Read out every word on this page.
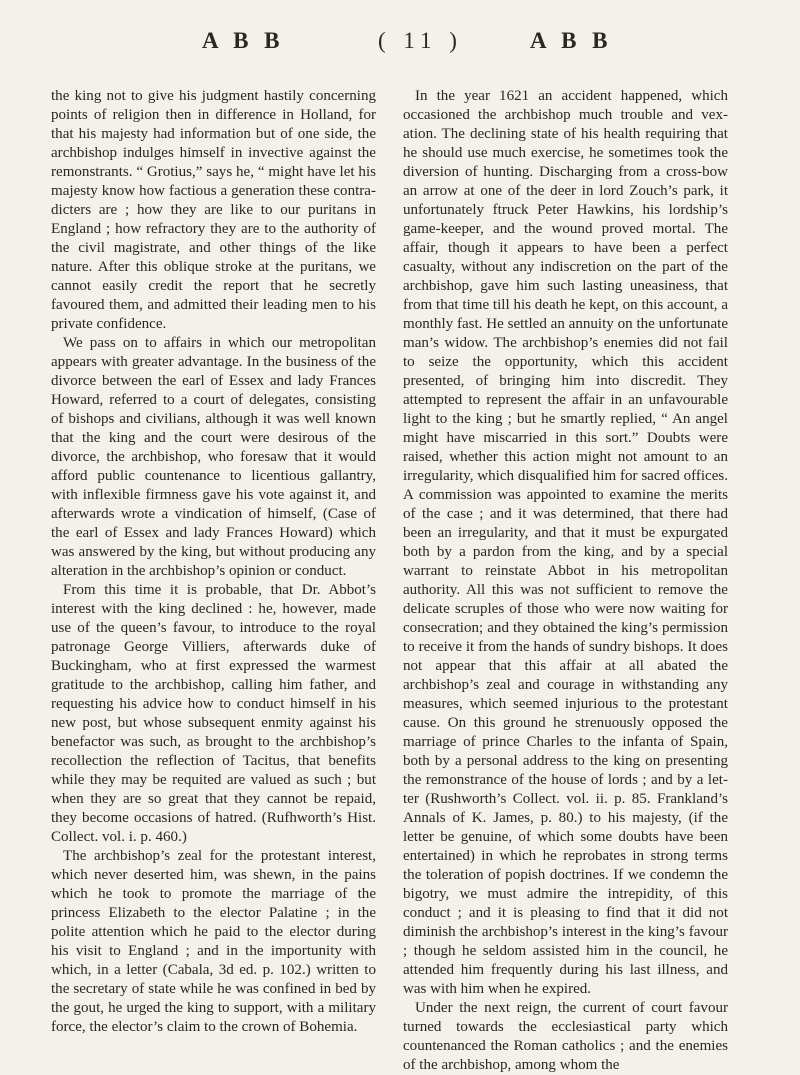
A B B	( 11 )	A B B

the king not to give his judgment hastily concerning points of religion then in difference in Holland, for that his majesty had information but of one side, the archbishop indulges himself in invective against the remonstrants. “ Grotius,” says he, “ might have let his majesty know how factious a generation these contradicters are ; how they are like to our puritans in England ; how refractory they are to the authority of the civil magistrate, and other things of the like nature. After this oblique stroke at the puritans, we cannot easily credit the report that he secretly favoured them, and admitted their leading men to his private confidence.

We pass on to affairs in which our metropolitan appears with greater advantage. In the business of the divorce between the earl of Essex and lady Frances Howard, referred to a court of delegates, consisting of bishops and civilians, although it was well known that the king and the court were desirous of the divorce, the archbishop, who foresaw that it would afford public countenance to licentious gallantry, with inflexible firmness gave his vote against it, and afterwards wrote a vindication of himself, (Case of the earl of Essex and lady Frances Howard) which was answered by the king, but without producing any alteration in the archbishop’s opinion or conduct.

From this time it is probable, that Dr. Abbot’s interest with the king declined : he, however, made use of the queen’s favour, to introduce to the royal patronage George Villiers, afterwards duke of Buckingham, who at first expressed the warmest gratitude to the archbishop, calling him father, and requesting his advice how to conduct himself in his new post, but whose subsequent enmity against his benefactor was such, as brought to the archbishop’s recollection the reflection of Tacitus, that benefits while they may be requited are valued as such ; but when they are so great that they cannot be repaid, they become occasions of hatred. (Rufhworth’s Hist. Collect. vol. i. p. 460.)

The archbishop’s zeal for the protestant interest, which never deserted him, was shewn, in the pains which he took to promote the marriage of the princess Elizabeth to the elector Palatine ; in the polite attention which he paid to the elector during his visit to England ; and in the importunity with which, in a letter (Cabala, 3d ed. p. 102.) written to the secretary of state while he was confined in bed by the gout, he urged the king to support, with a military force, the elector’s claim to the crown of Bohemia.

In the year 1621 an accident happened, which occasioned the archbishop much trouble and vexation. The declining state of his health requiring that he should use much exercise, he sometimes took the diversion of hunting. Discharging from a cross-bow an arrow at one of the deer in lord Zouch’s park, it unfortunately ftruck Peter Hawkins, his lordship’s game-keeper, and the wound proved mortal. The affair, though it appears to have been a perfect casualty, without any indiscretion on the part of the archbishop, gave him such lasting uneasiness, that from that time till his death he kept, on this account, a monthly fast. He settled an annuity on the unfortunate man’s widow. The archbishop’s enemies did not fail to seize the opportunity, which this accident presented, of bringing him into discredit. They attempted to represent the affair in an unfavourable light to the king ; but he smartly replied, “ An angel might have miscarried in this sort.” Doubts were raised, whether this action might not amount to an irregularity, which disqualified him for sacred offices. A commission was appointed to examine the merits of the case ; and it was determined, that there had been an irregularity, and that it must be expurgated both by a pardon from the king, and by a special warrant to reinstate Abbot in his metropolitan authority. All this was not sufficient to remove the delicate scruples of those who were now waiting for consecration; and they obtained the king’s permission to receive it from the hands of sundry bishops. It does not appear that this affair at all abated the archbishop’s zeal and courage in withstanding any measures, which seemed injurious to the protestant cause. On this ground he strenuously opposed the marriage of prince Charles to the infanta of Spain, both by a personal address to the king on presenting the remonstrance of the house of lords ; and by a letter (Rushworth’s Collect. vol. ii. p. 85. Frankland’s Annals of K. James, p. 80.) to his majesty, (if the letter be genuine, of which some doubts have been entertained) in which he reprobates in strong terms the toleration of popish doctrines. If we condemn the bigotry, we must admire the intrepidity, of this conduct ; and it is pleasing to find that it did not diminish the archbishop’s interest in the king’s favour ; though he seldom assisted him in the council, he attended him frequently during his last illness, and was with him when he expired.

Under the next reign, the current of court favour turned towards the ecclesiastical party which countenanced the Roman catholics ; and the enemies of the archbishop, among whom the
